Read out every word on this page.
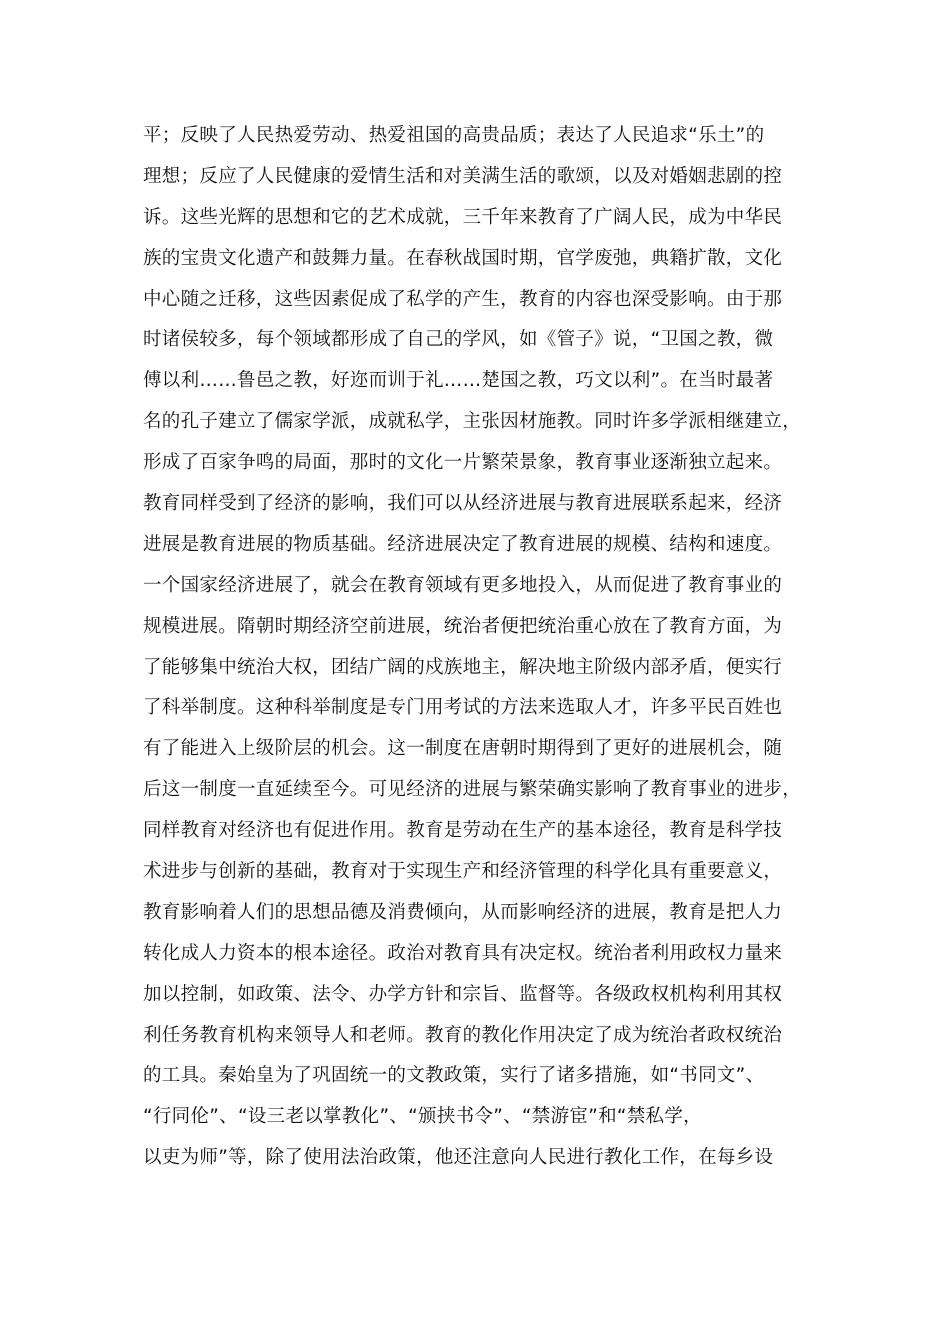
平；反映了人民热爱劳动、热爱祖国的高贵品质；表达了人民追求“乐土”的
理想；反应了人民健康的爱情生活和对美满生活的歌颂，以及对婚姻悲剧的控
诉。这些光辉的思想和它的艺术成就，三千年来教育了广阔人民，成为中华民
族的宝贵文化遗产和鼓舞力量。在春秋战国时期，官学废弛，典籍扩散，文化
中心随之迁移，这些因素促成了私学的产生，教育的内容也深受影响。由于那
时诸侯较多，每个领域都形成了自己的学风，如《管子》说，“卫国之教，微
傅以利……鲁邑之教，好迩而训于礼……楚国之教，巧文以利”。在当时最著
名的孔子建立了儒家学派，成就私学，主张因材施教。同时许多学派相继建立，
形成了百家争鸣的局面，那时的文化一片繁荣景象，教育事业逐渐独立起来。
教育同样受到了经济的影响，我们可以从经济进展与教育进展联系起来，经济
进展是教育进展的物质基础。经济进展决定了教育进展的规模、结构和速度。
一个国家经济进展了，就会在教育领域有更多地投入，从而促进了教育事业的
规模进展。隋朝时期经济空前进展，统治者便把统治重心放在了教育方面，为
了能够集中统治大权，团结广阔的戍族地主，解决地主阶级内部矛盾，便实行
了科举制度。这种科举制度是专门用考试的方法来选取人才，许多平民百姓也
有了能进入上级阶层的机会。这一制度在唐朝时期得到了更好的进展机会，随
后这一制度一直延续至今。可见经济的进展与繁荣确实影响了教育事业的进步，
同样教育对经济也有促进作用。教育是劳动在生产的基本途径，教育是科学技
术进步与创新的基础，教育对于实现生产和经济管理的科学化具有重要意义，
教育影响着人们的思想品德及消费倾向，从而影响经济的进展，教育是把人力
转化成人力资本的根本途径。政治对教育具有决定权。统治者利用政权力量来
加以控制，如政策、法令、办学方针和宗旨、监督等。各级政权机构利用其权
利任务教育机构来领导人和老师。教育的教化作用决定了成为统治者政权统治
的工具。秦始皇为了巩固统一的文教政策，实行了诸多措施，如“书同文”、
“行同伦”、“设三老以掌教化”、“颁挟书令”、“禁游宦”和“禁私学，
以吏为师”等，除了使用法治政策，他还注意向人民进行教化工作，在每乡设
